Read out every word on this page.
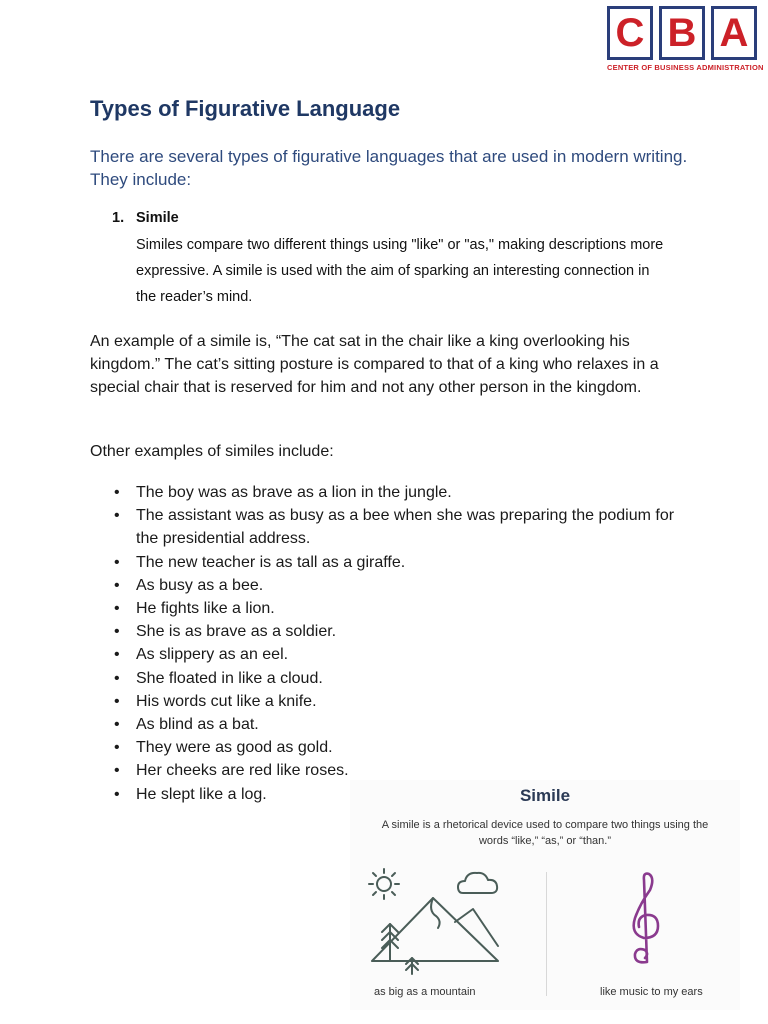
C B A
CENTER OF BUSINESS ADMINISTRATION
Types of Figurative Language
There are several types of figurative languages that are used in modern writing. They include:
1. Simile
Similes compare two different things using "like" or "as," making descriptions more expressive. A simile is used with the aim of sparking an interesting connection in the reader’s mind.
An example of a simile is, “The cat sat in the chair like a king overlooking his kingdom.” The cat’s sitting posture is compared to that of a king who relaxes in a special chair that is reserved for him and not any other person in the kingdom.
Other examples of similes include:
• The boy was as brave as a lion in the jungle.
• The assistant was as busy as a bee when she was preparing the podium for the presidential address.
• The new teacher is as tall as a giraffe.
• As busy as a bee.
• He fights like a lion.
• She is as brave as a soldier.
• As slippery as an eel.
• She floated in like a cloud.
• His words cut like a knife.
• As blind as a bat.
• They were as good as gold.
• Her cheeks are red like roses.
• He slept like a log.	Simile
A simile is a rhetorical device used to compare two things using the words “like,” “as,” or “than.”
as big as a mountain	like music to my ears
